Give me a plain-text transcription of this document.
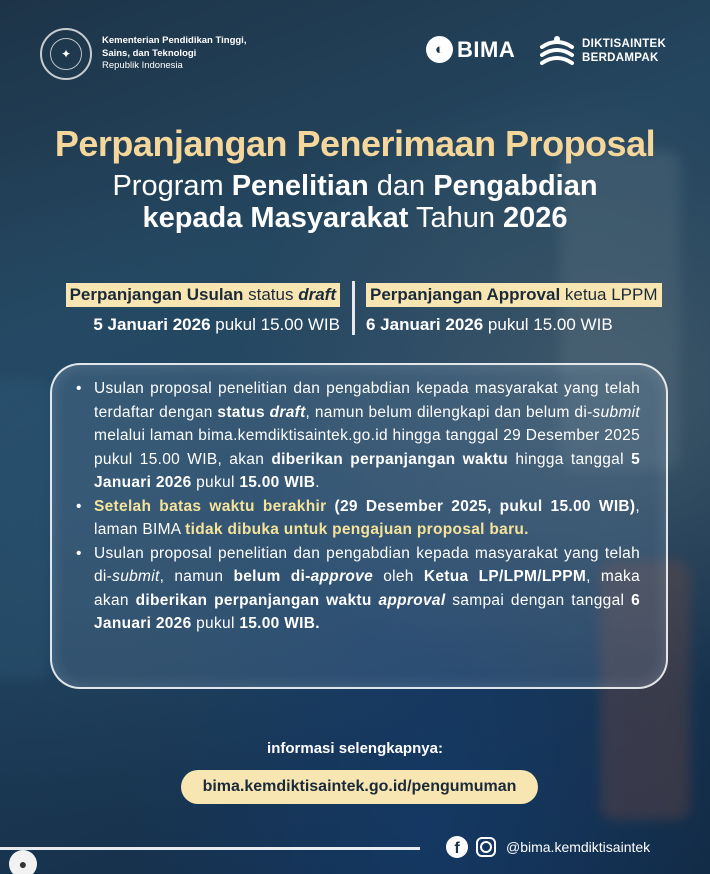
✦
Kementerian Pendidikan Tinggi,
Sains, dan Teknologi
Republik Indonesia
◐ BIMA	DIKTISAINTEK
BERDAMPAK
Perpanjangan Penerimaan Proposal
Program Penelitian dan Pengabdian
kepada Masyarakat Tahun 2026
Perpanjangan Usulan status draft
5 Januari 2026 pukul 15.00 WIB
Perpanjangan Approval ketua LPPM
6 Januari 2026 pukul 15.00 WIB
• Usulan proposal penelitian dan pengabdian kepada masyarakat yang telah terdaftar dengan status draft, namun belum dilengkapi dan belum di-submit melalui laman bima.kemdiktisaintek.go.id hingga tanggal 29 Desember 2025 pukul 15.00 WIB, akan diberikan perpanjangan waktu hingga tanggal 5 Januari 2026 pukul 15.00 WIB.
• Setelah batas waktu berakhir (29 Desember 2025, pukul 15.00 WIB), laman BIMA tidak dibuka untuk pengajuan proposal baru.
• Usulan proposal penelitian dan pengabdian kepada masyarakat yang telah di-submit, namun belum di-approve oleh Ketua LP/LPM/LPPM, maka akan diberikan perpanjangan waktu approval sampai dengan tanggal 6 Januari 2026 pukul 15.00 WIB.
informasi selengkapnya:
bima.kemdiktisaintek.go.id/pengumuman
f	@bima.kemdiktisaintek
●
